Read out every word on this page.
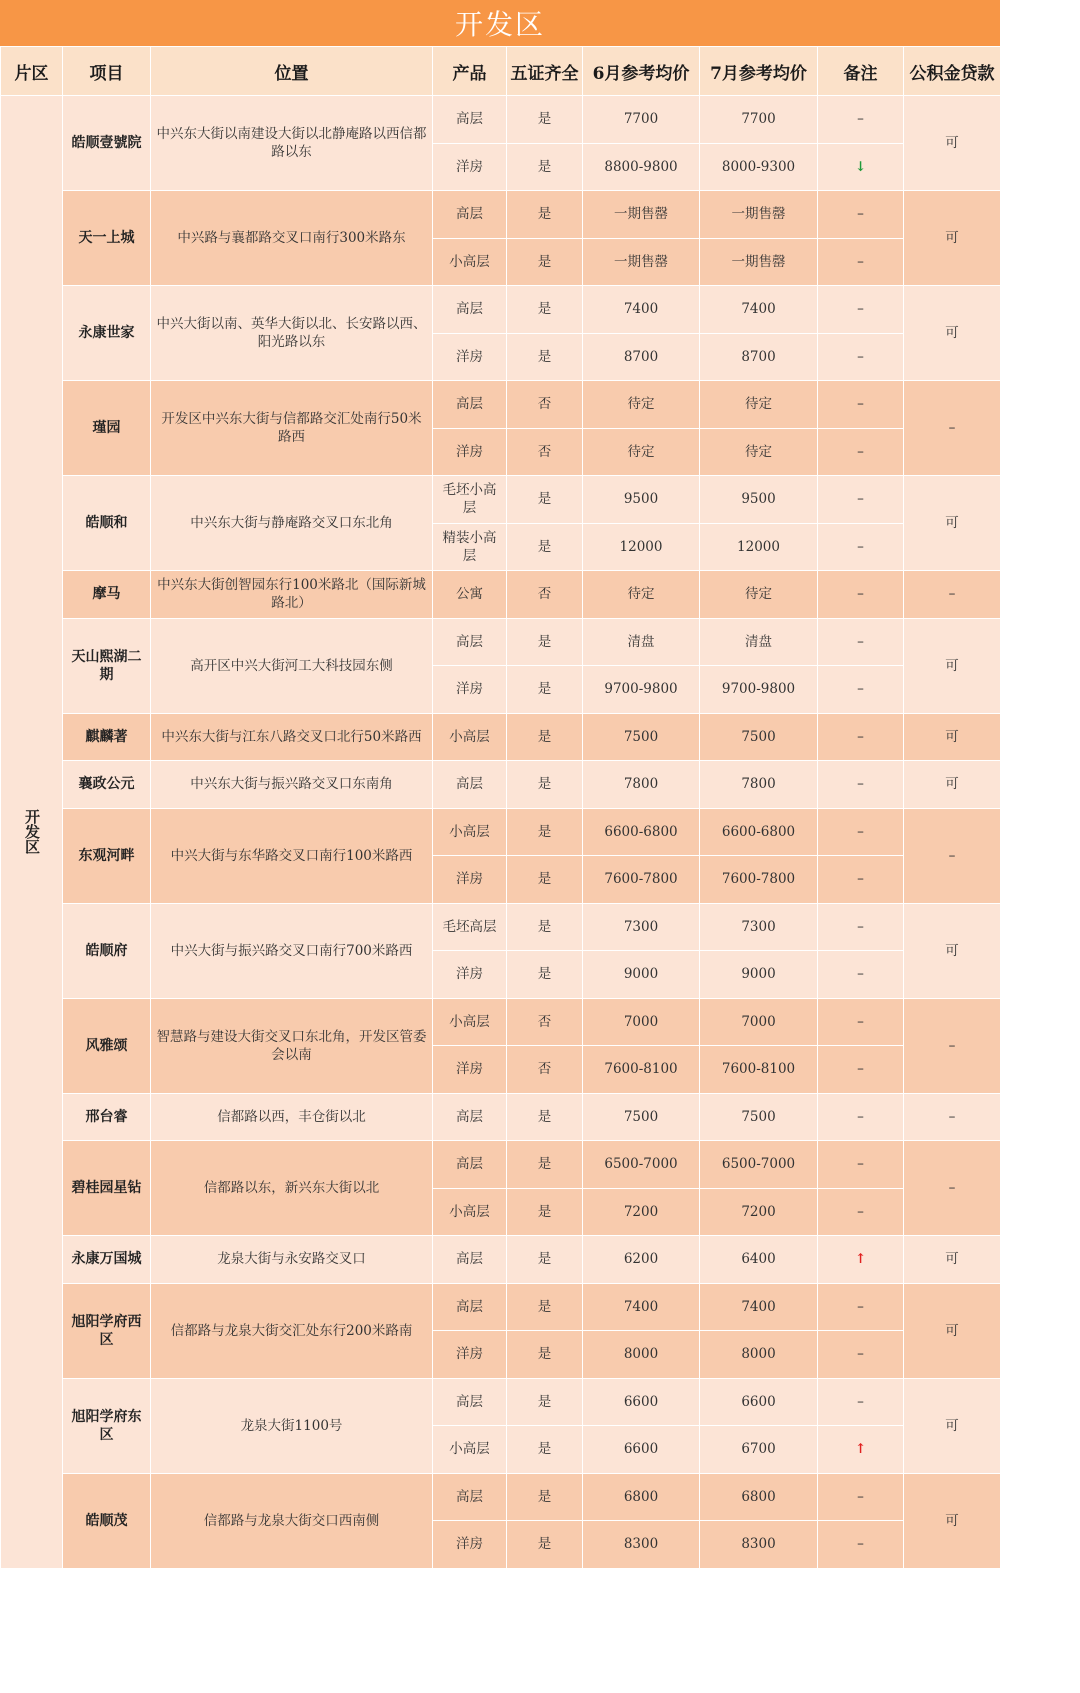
开发区
片区	项目	位置	产品	五证齐全	6月参考均价	7月参考均价	备注	公积金贷款
开发区	皓顺壹號院	中兴东大街以南建设大街以北静庵路以西信都路以东	高层	是	7700	7700	–	可
			洋房	是	8800-9800	8000-9300	↓	
	天一上城	中兴路与襄都路交叉口南行300米路东	高层	是	一期售罄	一期售罄	–	可
			小高层	是	一期售罄	一期售罄	–	
	永康世家	中兴大街以南、英华大街以北、长安路以西、阳光路以东	高层	是	7400	7400	–	可
			洋房	是	8700	8700	–	
	瑾园	开发区中兴东大街与信都路交汇处南行50米路西	高层	否	待定	待定	–	–
			洋房	否	待定	待定	–	
	皓顺和	中兴东大街与静庵路交叉口东北角	毛坯小高层	是	9500	9500	–	可
			精装小高层	是	12000	12000	–	
	摩马	中兴东大街创智园东行100米路北（国际新城路北）	公寓	否	待定	待定	–	–
	天山熙湖二期	高开区中兴大街河工大科技园东侧	高层	是	清盘	清盘	–	可
			洋房	是	9700-9800	9700-9800	–	
	麒麟著	中兴东大街与江东八路交叉口北行50米路西	小高层	是	7500	7500	–	可
	襄政公元	中兴东大街与振兴路交叉口东南角	高层	是	7800	7800	–	可
	东观河畔	中兴大街与东华路交叉口南行100米路西	小高层	是	6600-6800	6600-6800	–	–
			洋房	是	7600-7800	7600-7800	–	
	皓顺府	中兴大街与振兴路交叉口南行700米路西	毛坯高层	是	7300	7300	–	可
			洋房	是	9000	9000	–	
	风雅颂	智慧路与建设大街交叉口东北角，开发区管委会以南	小高层	否	7000	7000	–	–
			洋房	否	7600-8100	7600-8100	–	
	邢台睿	信都路以西，丰仓街以北	高层	是	7500	7500	–	–
	碧桂园星钻	信都路以东，新兴东大街以北	高层	是	6500-7000	6500-7000	–	–
			小高层	是	7200	7200	–	
	永康万国城	龙泉大街与永安路交叉口	高层	是	6200	6400	↑	可
	旭阳学府西区	信都路与龙泉大街交汇处东行200米路南	高层	是	7400	7400	–	可
			洋房	是	8000	8000	–	
	旭阳学府东区	龙泉大街1100号	高层	是	6600	6600	–	可
			小高层	是	6600	6700	↑	
	皓顺茂	信都路与龙泉大街交口西南侧	高层	是	6800	6800	–	可
			洋房	是	8300	8300	–	
